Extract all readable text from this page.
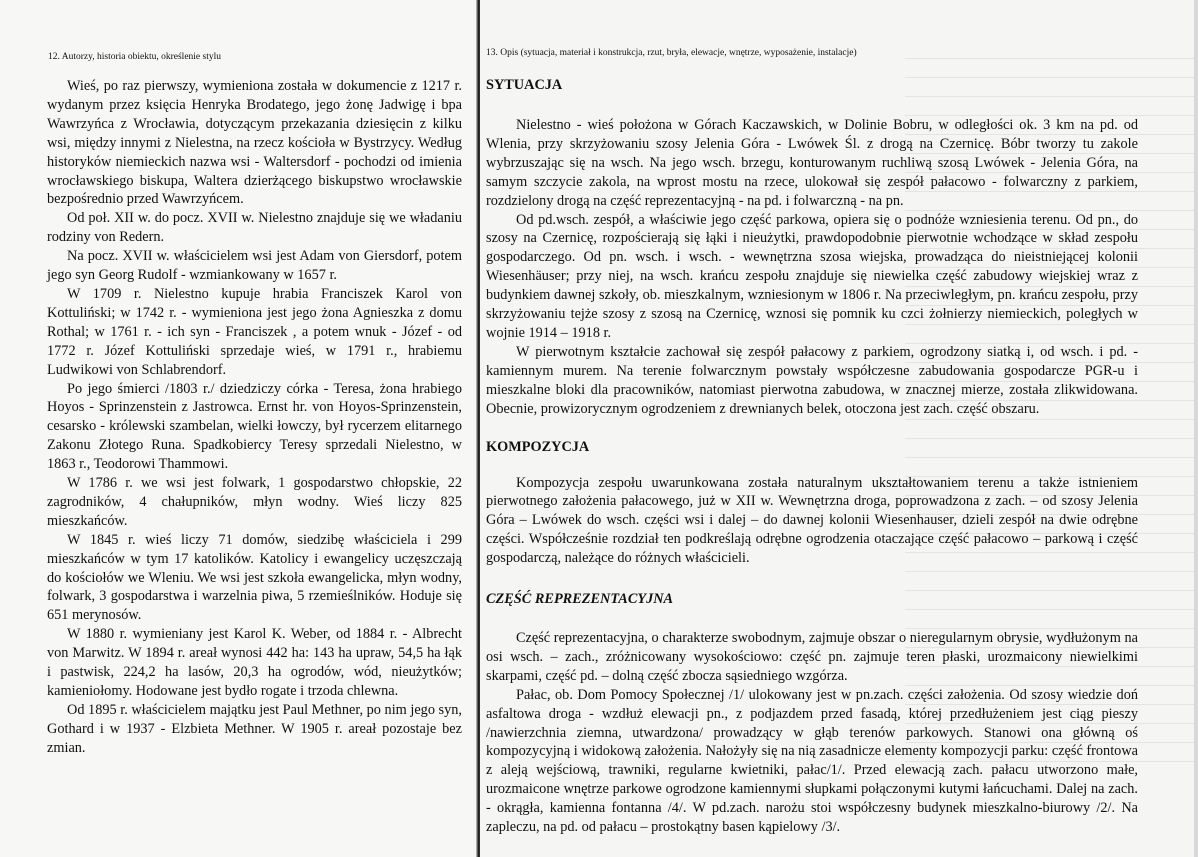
12. Autorzy, historia obiektu, określenie stylu

Wieś, po raz pierwszy, wymieniona została w dokumencie z 1217 r. wydanym przez księcia Henryka Brodatego, jego żonę Jadwigę i bpa Wawrzyńca z Wrocławia, dotyczącym przekazania dziesięcin z kilku wsi, między innymi z Nielestna, na rzecz kościoła w Bystrzycy. Według historyków niemieckich nazwa wsi - Waltersdorf - pochodzi od imienia wrocławskiego biskupa, Waltera dzierżącego biskupstwo wrocławskie bezpośrednio przed Wawrzyńcem.

Od poł. XII w. do pocz. XVII w. Nielestno znajduje się we władaniu rodziny von Redern.

Na pocz. XVII w. właścicielem wsi jest Adam von Giersdorf, potem jego syn Georg Rudolf - wzmiankowany w 1657 r.

W 1709 r. Nielestno kupuje hrabia Franciszek Karol von Kottuliński; w 1742 r. - wymieniona jest jego żona Agnieszka z domu Rothal; w 1761 r. - ich syn - Franciszek , a potem wnuk - Józef - od 1772 r. Józef Kottuliński sprzedaje wieś, w 1791 r., hrabiemu Ludwikowi von Schlabrendorf.

Po jego śmierci /1803 r./ dziedziczy córka - Teresa, żona hrabiego Hoyos - Sprinzenstein z Jastrowca. Ernst hr. von Hoyos-Sprinzenstein, cesarsko - królewski szambelan, wielki łowczy, był rycerzem elitarnego Zakonu Złotego Runa. Spadkobiercy Teresy sprzedali Nielestno, w 1863 r., Teodorowi Thammowi.

W 1786 r. we wsi jest folwark, 1 gospodarstwo chłopskie, 22 zagrodników, 4 chałupników, młyn wodny. Wieś liczy 825 mieszkańców.

W 1845 r. wieś liczy 71 domów, siedzibę właściciela i 299 mieszkańców w tym 17 katolików. Katolicy i ewangelicy uczęszczają do kościołów we Wleniu. We wsi jest szkoła ewangelicka, młyn wodny, folwark, 3 gospodarstwa i warzelnia piwa, 5 rzemieślników. Hoduje się 651 merynosów.

W 1880 r. wymieniany jest Karol K. Weber, od 1884 r. - Albrecht von Marwitz. W 1894 r. areał wynosi 442 ha: 143 ha upraw, 54,5 ha łąk i pastwisk, 224,2 ha lasów, 20,3 ha ogrodów, wód, nieużytków; kamieniołomy. Hodowane jest bydło rogate i trzoda chlewna.

Od 1895 r. właścicielem majątku jest Paul Methner, po nim jego syn, Gothard i w 1937 - Elzbieta Methner. W 1905 r. areał pozostaje bez zmian.

13. Opis (sytuacja, materiał i konstrukcja, rzut, bryła, elewacje, wnętrze, wyposażenie, instalacje)
SYTUACJA

Nielestno - wieś położona w Górach Kaczawskich, w Dolinie Bobru, w odległości ok. 3 km na pd. od Wlenia, przy skrzyżowaniu szosy Jelenia Góra - Lwówek Śl. z drogą na Czernicę. Bóbr tworzy tu zakole wybrzuszając się na wsch. Na jego wsch. brzegu, konturowanym ruchliwą szosą Lwówek - Jelenia Góra, na samym szczycie zakola, na wprost mostu na rzece, ulokował się zespół pałacowo - folwarczny z parkiem, rozdzielony drogą na część reprezentacyjną - na pd. i folwarczną - na pn.

Od pd.wsch. zespół, a właściwie jego część parkowa, opiera się o podnóże wzniesienia terenu. Od pn., do szosy na Czernicę, rozpościerają się łąki i nieużytki, prawdopodobnie pierwotnie wchodzące w skład zespołu gospodarczego. Od pn. wsch. i wsch. - wewnętrzna szosa wiejska, prowadząca do nieistniejącej kolonii Wiesenhäuser; przy niej, na wsch. krańcu zespołu znajduje się niewielka część zabudowy wiejskiej wraz z budynkiem dawnej szkoły, ob. mieszkalnym, wzniesionym w 1806 r. Na przeciwległym, pn. krańcu zespołu, przy skrzyżowaniu tejże szosy z szosą na Czernicę, wznosi się pomnik ku czci żołnierzy niemieckich, poległych w wojnie 1914 – 1918 r.

W pierwotnym kształcie zachował się zespół pałacowy z parkiem, ogrodzony siatką i, od wsch. i pd. - kamiennym murem. Na terenie folwarcznym powstały współczesne zabudowania gospodarcze PGR-u i mieszkalne bloki dla pracowników, natomiast pierwotna zabudowa, w znacznej mierze, została zlikwidowana. Obecnie, prowizorycznym ogrodzeniem z drewnianych belek, otoczona jest zach. część obszaru.

KOMPOZYCJA

Kompozycja zespołu uwarunkowana została naturalnym ukształtowaniem terenu a także istnieniem pierwotnego założenia pałacowego, już w XII w. Wewnętrzna droga, poprowadzona z zach. – od szosy Jelenia Góra – Lwówek do wsch. części wsi i dalej – do dawnej kolonii Wiesenhauser, dzieli zespół na dwie odrębne części. Współcześnie rozdział ten podkreślają odrębne ogrodzenia otaczające część pałacowo – parkową i część gospodarczą, należące do różnych właścicieli.

CZĘŚĆ REPREZENTACYJNA

Część reprezentacyjna, o charakterze swobodnym, zajmuje obszar o nieregularnym obrysie, wydłużonym na osi wsch. – zach., zróżnicowany wysokościowo: część pn. zajmuje teren płaski, urozmaicony niewielkimi skarpami, część pd. – dolną część zbocza sąsiedniego wzgórza.

Pałac, ob. Dom Pomocy Społecznej /1/ ulokowany jest w pn.zach. części założenia. Od szosy wiedzie doń asfaltowa droga - wzdłuż elewacji pn., z podjazdem przed fasadą, której przedłużeniem jest ciąg pieszy /nawierzchnia ziemna, utwardzona/ prowadzący w głąb terenów parkowych. Stanowi ona główną oś kompozycyjną i widokową założenia. Nałożyły się na nią zasadnicze elementy kompozycji parku: część frontowa z aleją wejściową, trawniki, regularne kwietniki, pałac/1/. Przed elewacją zach. pałacu utworzono małe, urozmaicone wnętrze parkowe ogrodzone kamiennymi słupkami połączonymi kutymi łańcuchami. Dalej na zach. - okrągła, kamienna fontanna /4/. W pd.zach. narożu stoi współczesny budynek mieszkalno-biurowy /2/. Na zapleczu, na pd. od pałacu – prostokątny basen kąpielowy /3/.
